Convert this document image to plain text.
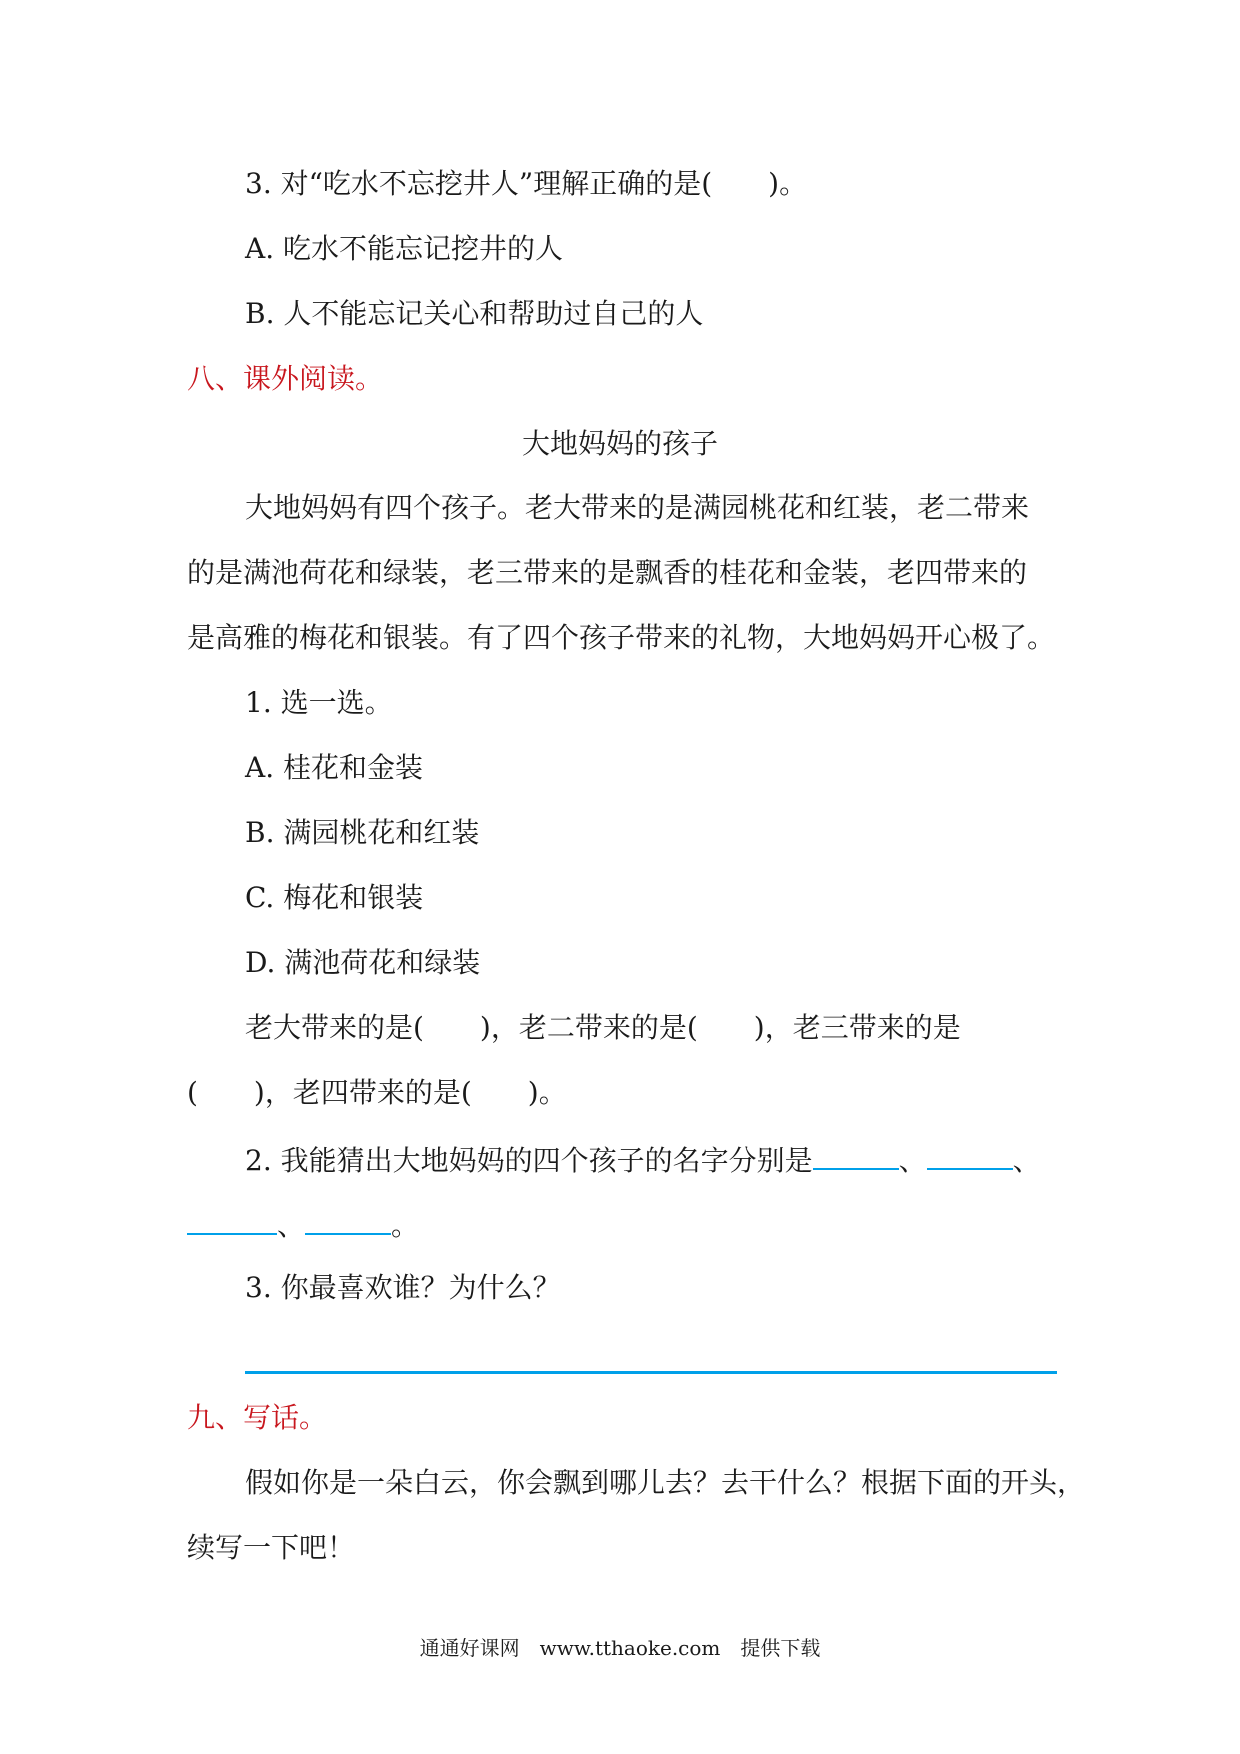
3. 对“吃水不忘挖井人”理解正确的是(　　)。
A. 吃水不能忘记挖井的人
B. 人不能忘记关心和帮助过自己的人
八、课外阅读。
大地妈妈的孩子
大地妈妈有四个孩子。老大带来的是满园桃花和红装，老二带来
的是满池荷花和绿装，老三带来的是飘香的桂花和金装，老四带来的
是高雅的梅花和银装。有了四个孩子带来的礼物，大地妈妈开心极了。
1. 选一选。
A. 桂花和金装
B. 满园桃花和红装
C. 梅花和银装
D. 满池荷花和绿装
老大带来的是(　　)，老二带来的是(　　)，老三带来的是
(　　)，老四带来的是(　　)。
2. 我能猜出大地妈妈的四个孩子的名字分别是	、	、
、	。
3. 你最喜欢谁？为什么？
九、写话。
假如你是一朵白云，你会飘到哪儿去？去干什么？根据下面的开头，
续写一下吧！
通通好课网　www.tthaoke.com　提供下载
